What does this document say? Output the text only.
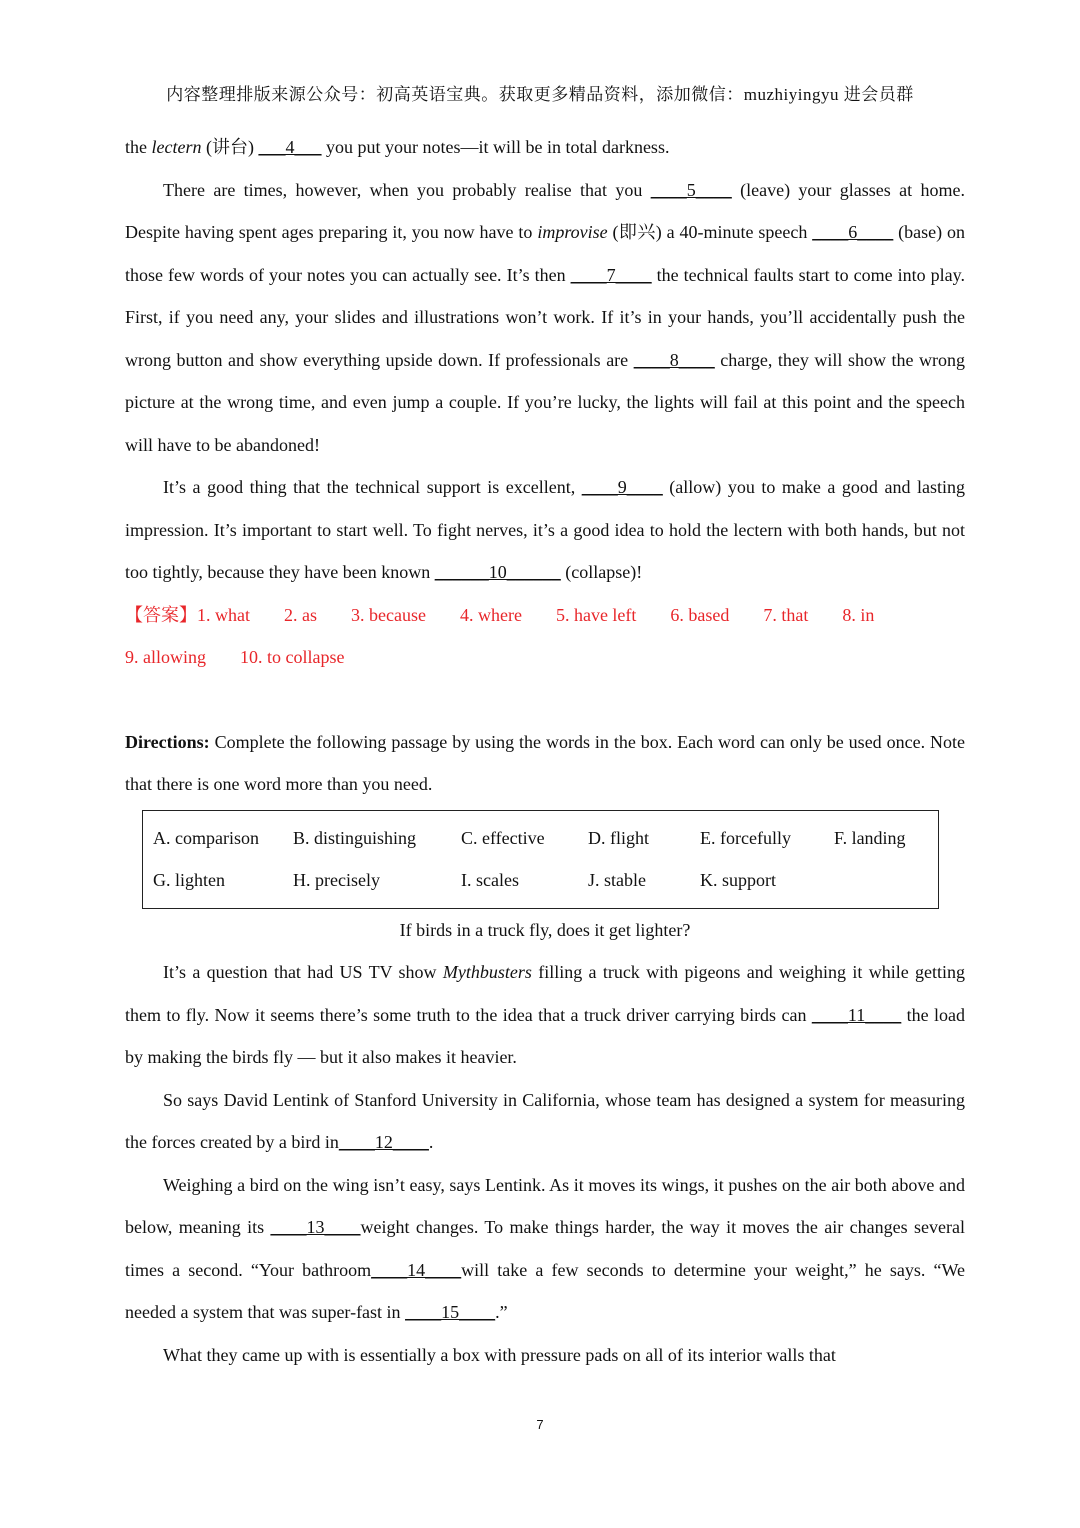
内容整理排版来源公众号：初高英语宝典。获取更多精品资料，添加微信：muzhiyingyu 进会员群

the lectern (讲台) ___4___ you put your notes—it will be in total darkness.

There are times, however, when you probably realise that you ____5____ (leave) your glasses at home. Despite having spent ages preparing it, you now have to improvise (即兴) a 40-minute speech ____6____ (base) on those few words of your notes you can actually see. It’s then ____7____ the technical faults start to come into play. First, if you need any, your slides and illustrations won’t work. If it’s in your hands, you’ll accidentally push the wrong button and show everything upside down. If professionals are ____8____ charge, they will show the wrong picture at the wrong time, and even jump a couple. If you’re lucky, the lights will fail at this point and the speech will have to be abandoned!

It’s a good thing that the technical support is excellent, ____9____ (allow) you to make a good and lasting impression. It’s important to start well. To fight nerves, it’s a good idea to hold the lectern with both hands, but not too tightly, because they have been known ______10______ (collapse)!

【答案】1. what 2. as 3. because 4. where 5. have left 6. based 7. that 8. in
9. allowing 10. to collapse

Directions: Complete the following passage by using the words in the box. Each word can only be used once. Note that there is one word more than you need.

A. comparison	B. distinguishing	C. effective	D. flight	E. forcefully	F. landing
G. lighten	H. precisely	I. scales	J. stable	K. support

If birds in a truck fly, does it get lighter?

It’s a question that had US TV show Mythbusters filling a truck with pigeons and weighing it while getting them to fly. Now it seems there’s some truth to the idea that a truck driver carrying birds can ____11____ the load by making the birds fly — but it also makes it heavier.

So says David Lentink of Stanford University in California, whose team has designed a system for measuring the forces created by a bird in____12____.

Weighing a bird on the wing isn’t easy, says Lentink. As it moves its wings, it pushes on the air both above and below, meaning its ____13____weight changes. To make things harder, the way it moves the air changes several times a second. “Your bathroom____14____will take a few seconds to determine your weight,” he says. “We needed a system that was super-fast in ____15____.”

What they came up with is essentially a box with pressure pads on all of its interior walls that

7
